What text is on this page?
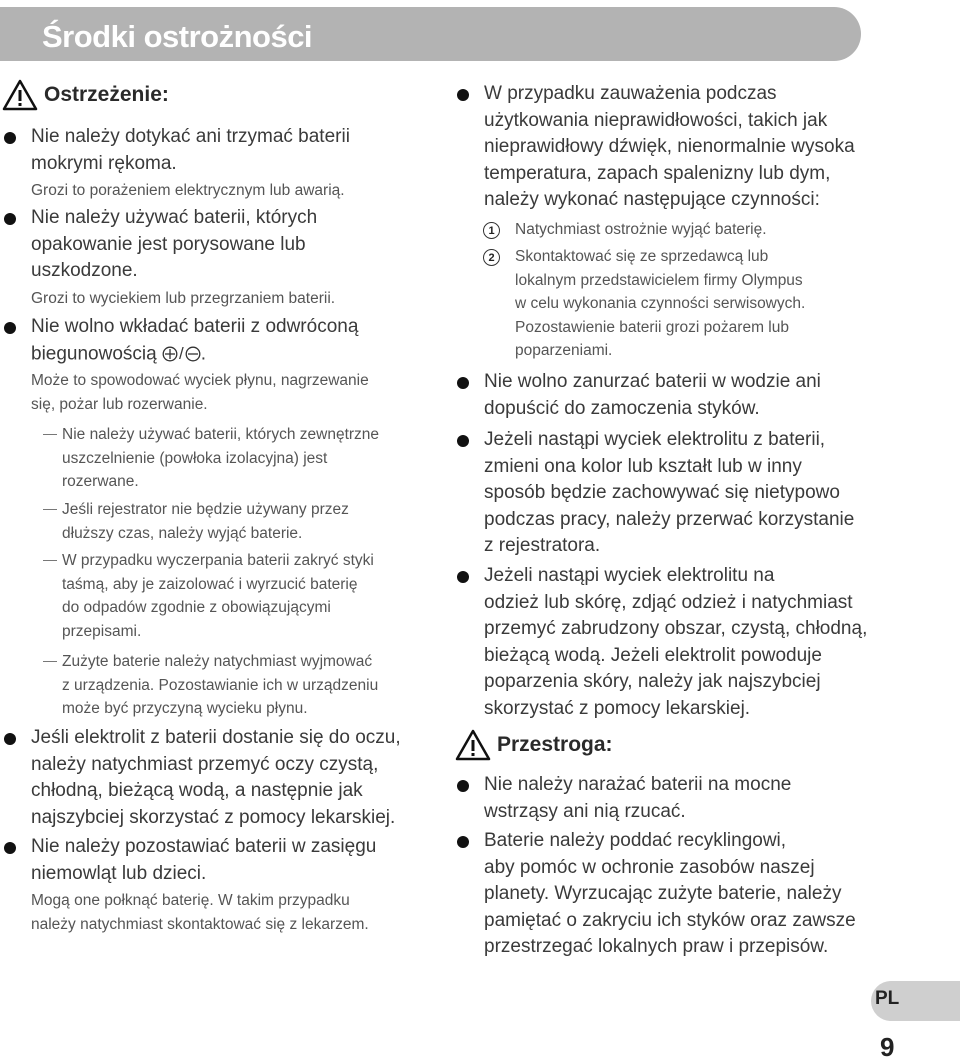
Środki ostrożności
Ostrzeżenie:
Nie należy dotykać ani trzymać baterii
mokrymi rękoma.
Grozi to porażeniem elektrycznym lub awarią.
Nie należy używać baterii, których
opakowanie jest porysowane lub
uszkodzone.
Grozi to wyciekiem lub przegrzaniem baterii.
Nie wolno wkładać baterii z odwróconą
biegunowością / .
Może to spowodować wyciek płynu, nagrzewanie
się, pożar lub rozerwanie.
Nie należy używać baterii, których zewnętrzne
uszczelnienie (powłoka izolacyjna) jest
rozerwane.
Jeśli rejestrator nie będzie używany przez
dłuższy czas, należy wyjąć baterie.
W przypadku wyczerpania baterii zakryć styki
taśmą, aby je zaizolować i wyrzucić baterię
do odpadów zgodnie z obowiązującymi
przepisami.
Zużyte baterie należy natychmiast wyjmować
z urządzenia. Pozostawianie ich w urządzeniu
może być przyczyną wycieku płynu.
Jeśli elektrolit z baterii dostanie się do oczu,
należy natychmiast przemyć oczy czystą,
chłodną, bieżącą wodą, a następnie jak
najszybciej skorzystać z pomocy lekarskiej.
Nie należy pozostawiać baterii w zasięgu
niemowląt lub dzieci.
Mogą one połknąć baterię. W takim przypadku
należy natychmiast skontaktować się z lekarzem.
W przypadku zauważenia podczas
użytkowania nieprawidłowości, takich jak
nieprawidłowy dźwięk, nienormalnie wysoka
temperatura, zapach spalenizny lub dym,
należy wykonać następujące czynności:
1	Natychmiast ostrożnie wyjąć baterię.
2	Skontaktować się ze sprzedawcą lub
lokalnym przedstawicielem firmy Olympus
w celu wykonania czynności serwisowych.
Pozostawienie baterii grozi pożarem lub
poparzeniami.
Nie wolno zanurzać baterii w wodzie ani
dopuścić do zamoczenia styków.
Jeżeli nastąpi wyciek elektrolitu z baterii,
zmieni ona kolor lub kształt lub w inny
sposób będzie zachowywać się nietypowo
podczas pracy, należy przerwać korzystanie
z rejestratora.
Jeżeli nastąpi wyciek elektrolitu na
odzież lub skórę, zdjąć odzież i natychmiast
przemyć zabrudzony obszar, czystą, chłodną,
bieżącą wodą. Jeżeli elektrolit powoduje
poparzenia skóry, należy jak najszybciej
skorzystać z pomocy lekarskiej.
Przestroga:
Nie należy narażać baterii na mocne
wstrząsy ani nią rzucać.
Baterie należy poddać recyklingowi,
aby pomóc w ochronie zasobów naszej
planety. Wyrzucając zużyte baterie, należy
pamiętać o zakryciu ich styków oraz zawsze
przestrzegać lokalnych praw i przepisów.
PL
9
